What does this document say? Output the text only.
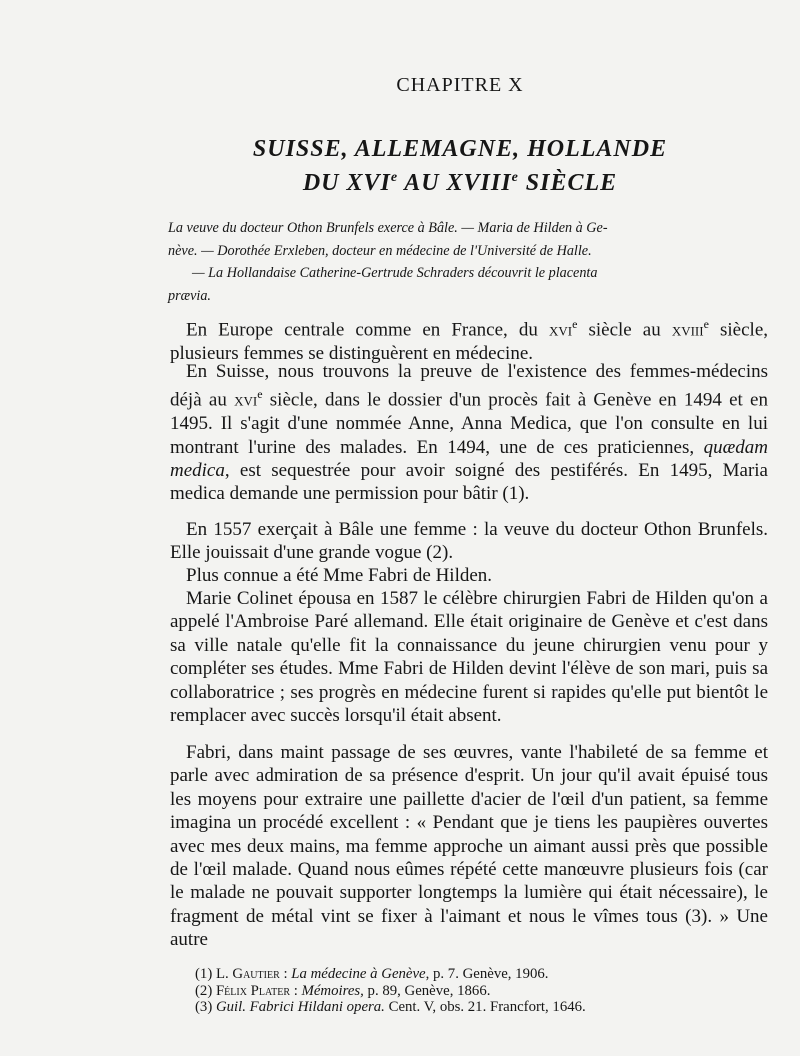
CHAPITRE X
SUISSE, ALLEMAGNE, HOLLANDE
DU XVIe AU XVIIIe SIÈCLE
La veuve du docteur Othon Brunfels exerce à Bâle. — Maria de Hilden à Ge-
nève. — Dorothée Erxleben, docteur en médecine de l'Université de Halle.
— La Hollandaise Catherine-Gertrude Schraders découvrit le placenta
prævia.
En Europe centrale comme en France, du xvi$^e$ siècle au xviii$^e$ siècle, plusieurs femmes se distinguèrent en médecine.
En Suisse, nous trouvons la preuve de l'existence des femmes-médecins déjà au xvi$^e$ siècle, dans le dossier d'un procès fait à Genève en 1494 et en 1495. Il s'agit d'une nommée Anne, Anna Medica, que l'on consulte en lui montrant l'urine des malades. En 1494, une de ces praticiennes, quædam medica, est sequestrée pour avoir soigné des pestiférés. En 1495, Maria medica demande une permission pour bâtir (1).
En 1557 exerçait à Bâle une femme : la veuve du docteur Othon Brunfels. Elle jouissait d'une grande vogue (2).
Plus connue a été Mme Fabri de Hilden.
Marie Colinet épousa en 1587 le célèbre chirurgien Fabri de Hilden qu'on a appelé l'Ambroise Paré allemand. Elle était originaire de Genève et c'est dans sa ville natale qu'elle fit la connaissance du jeune chirurgien venu pour y compléter ses études. Mme Fabri de Hilden devint l'élève de son mari, puis sa collaboratrice ; ses progrès en médecine furent si rapides qu'elle put bientôt le remplacer avec succès lorsqu'il était absent.
Fabri, dans maint passage de ses œuvres, vante l'habileté de sa femme et parle avec admiration de sa présence d'esprit. Un jour qu'il avait épuisé tous les moyens pour extraire une paillette d'acier de l'œil d'un patient, sa femme imagina un procédé excellent : « Pendant que je tiens les paupières ouvertes avec mes deux mains, ma femme approche un aimant aussi près que possible de l'œil malade. Quand nous eûmes répété cette manœuvre plusieurs fois (car le malade ne pouvait supporter longtemps la lumière qui était nécessaire), le fragment de métal vint se fixer à l'aimant et nous le vîmes tous (3). » Une autre
(1) L. Gautier : La médecine à Genève, p. 7. Genève, 1906.
(2) Félix Plater : Mémoires, p. 89, Genève, 1866.
(3) Guil. Fabrici Hildani opera. Cent. V, obs. 21. Francfort, 1646.
